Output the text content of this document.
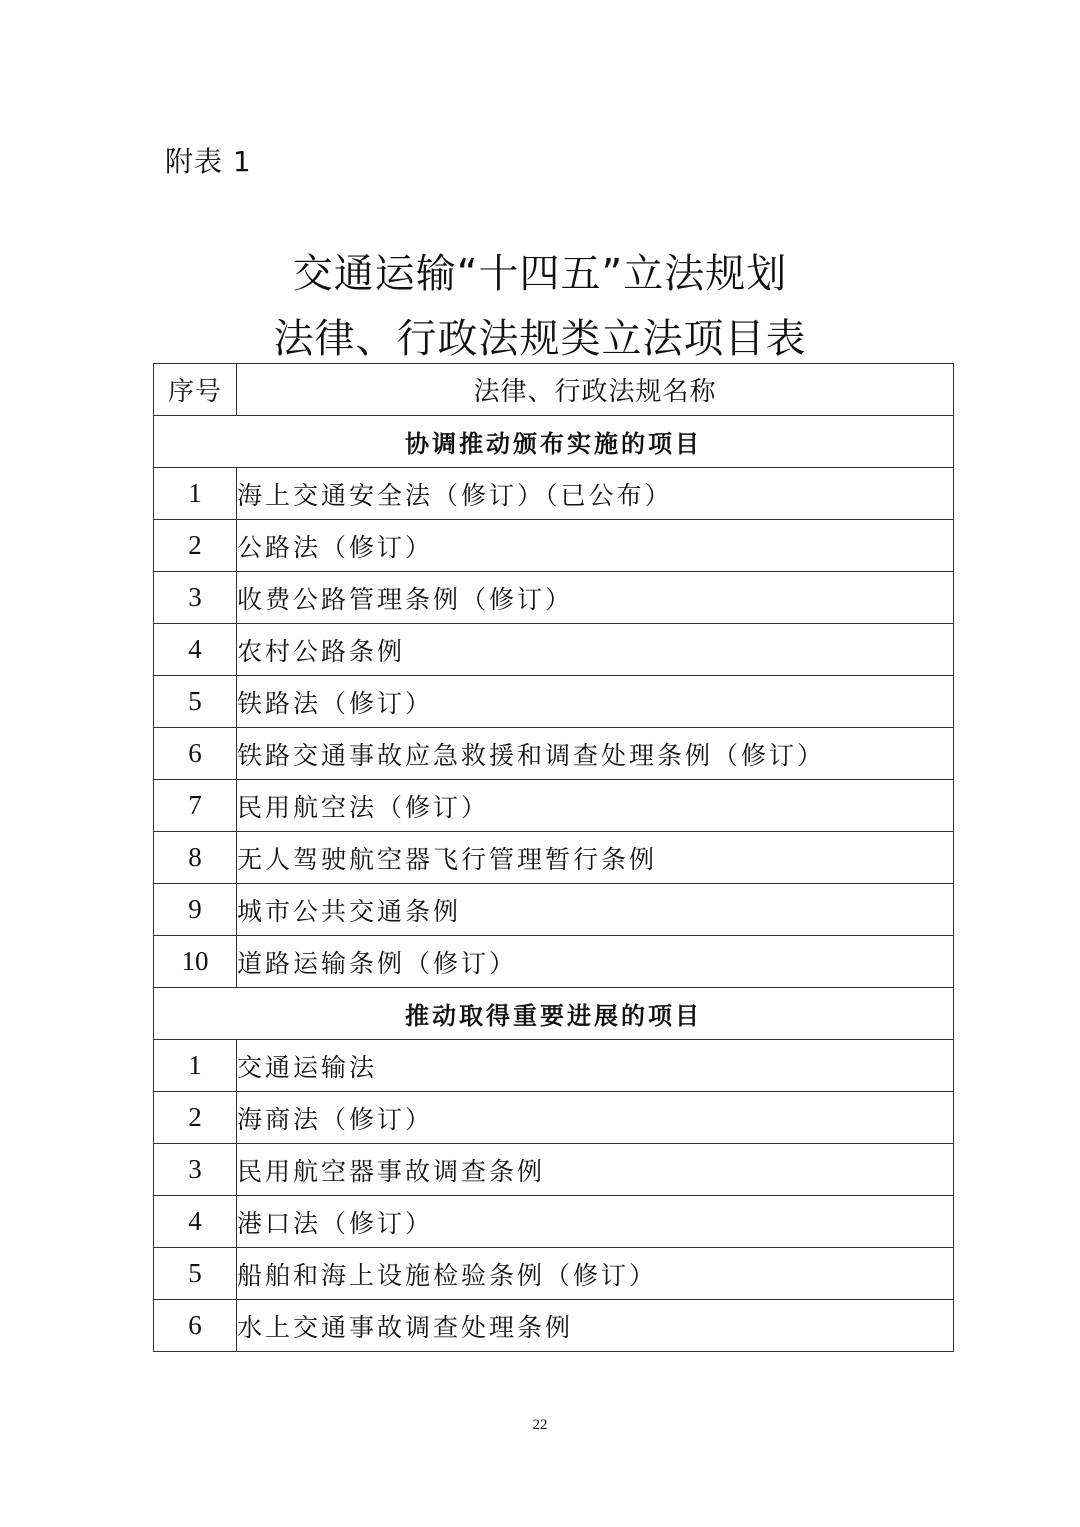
附表 1
交通运输“十四五”立法规划
法律、行政法规类立法项目表
序号	法律、行政法规名称
协调推动颁布实施的项目	
1	海上交通安全法（修订）（已公布）
2	公路法（修订）
3	收费公路管理条例（修订）
4	农村公路条例
5	铁路法（修订）
6	铁路交通事故应急救援和调查处理条例（修订）
7	民用航空法（修订）
8	无人驾驶航空器飞行管理暂行条例
9	城市公共交通条例
10	道路运输条例（修订）
推动取得重要进展的项目	
1	交通运输法
2	海商法（修订）
3	民用航空器事故调查条例
4	港口法（修订）
5	船舶和海上设施检验条例（修订）
6	水上交通事故调查处理条例
22
